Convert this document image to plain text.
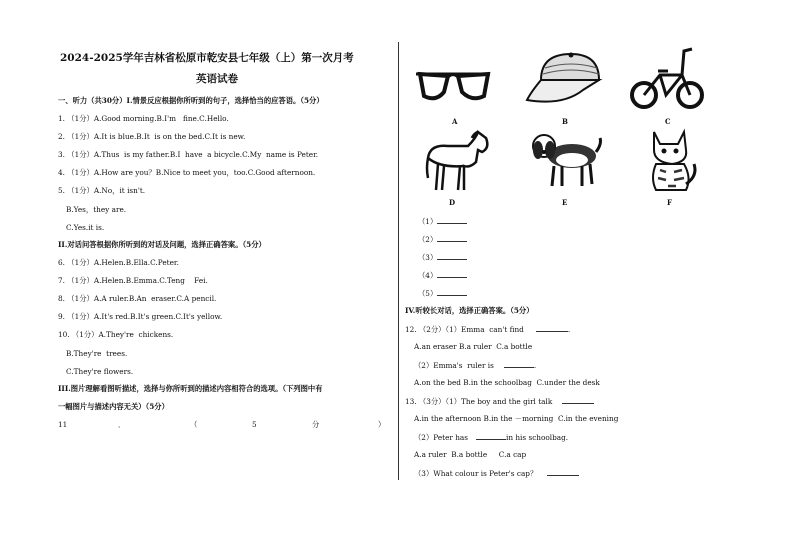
2024-2025学年吉林省松原市乾安县七年级（上）第一次月考
英语试卷
一、听力（共30分）I.情景反应根据你所听到的句子，选择恰当的应答语。（5分）
1. （1分）A.Good morning.B.I'm   fine.C.Hello.
2. （1分）A.It is blue.B.It  is on the bed.C.It is new.
3. （1分）A.Thus  is my father.B.I  have  a bicycle.C.My  name is Peter.
4. （1分）A.How are you？B.Nice to meet you，too.C.Good afternoon.
5. （1分）A.No，it isn't.
B.Yes，they are.
C.Yes.it is.
II.对话问答根据你所听到的对话及问题，选择正确答案。（5分）
6. （1分）A.Helen.B.Ella.C.Peter.
7. （1分）A.Helen.B.Emma.C.Teng    Fei.
8. （1分）A.A ruler.B.An  eraser.C.A pencil.
9. （1分）A.It's red.B.It's green.C.It's yellow.
10. （1分）A.They're  chickens.
B.They're  trees.
C.They're flowers.
III.图片理解看图听描述，选择与你所听到的描述内容相符合的选项。（下列图中有
一幅图片与描述内容无关）（5分）
11	．	（	5	分	）
A	B	C
D	E	F
（1）
（2）
（3）
（4）
（5）
IV.听较长对话，选择正确答案。（5分）
12. （2分）（1）Emma  can't find	.
A.an eraser B.a ruler  C.a bottle
（2）Emma's  ruler is	.
A.on the bed B.in the schoolbag  C.under the desk
13. （3分）（1）The boy and the girl talk
A.in the afternoon B.in the －morning  C.in the evening
（2）Peter has	in his schoolbag.
A.a ruler  B.a bottle     C.a cap
（3）What colour is Peter's cap？
